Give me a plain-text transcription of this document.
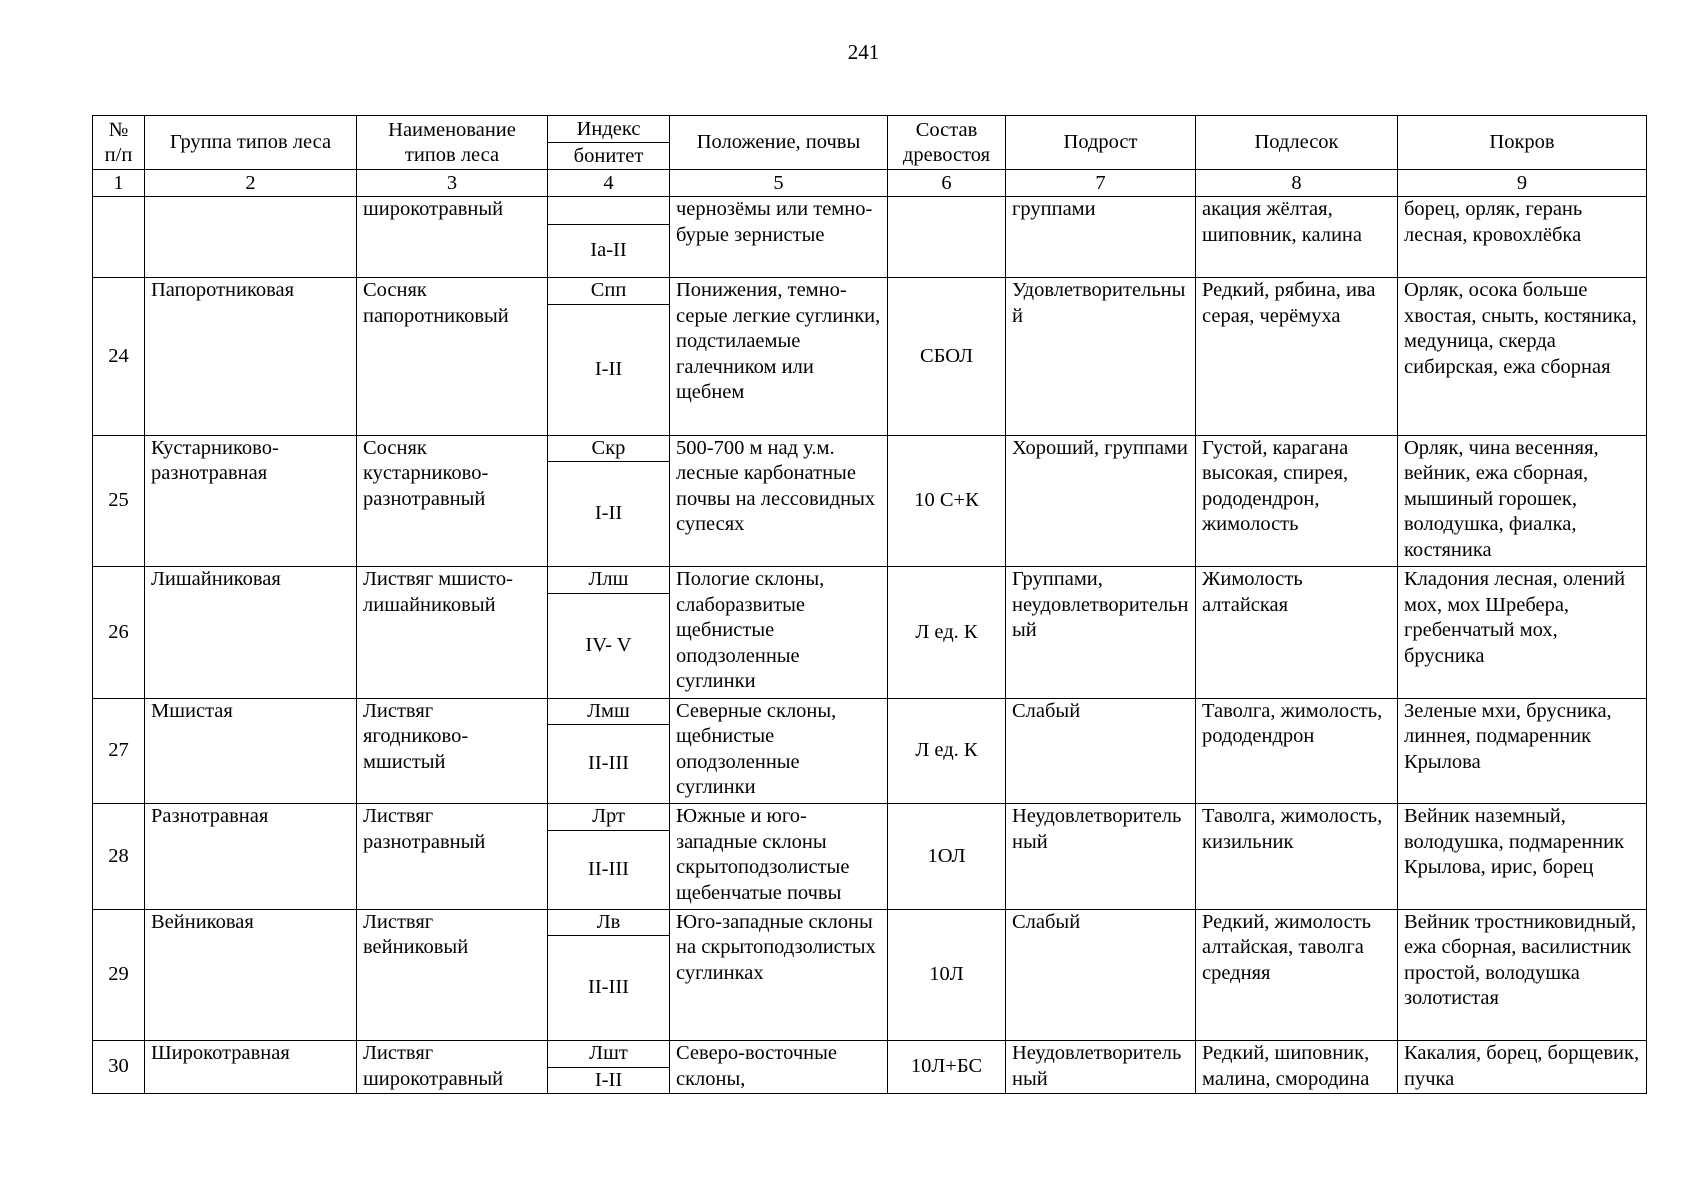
241
№ п/п	Группа типов леса	Наименование типов леса	Индекс	Положение, почвы	Состав древостоя	Подрост	Подлесок	Покров
			бонитет					
1	2	3	4	5	6	7	8	9
		широкотравный		чернозёмы или темно-бурые зернистые		группами	акация жёлтая, шиповник, калина	борец, орляк, герань лесная, кровохлёбка
			Ia-II					
24	Папоротниковая	Сосняк папоротниковый	Спп	Понижения, темно-серые легкие суглинки, подстилаемые галечником или щебнем	СБОЛ	Удовлетворительный	Редкий, рябина, ива серая, черёмуха	Орляк, осока больше хвостая, сныть, костяника, медуница, скерда сибирская, ежа сборная
			I-II					
25	Кустарниково-разнотравная	Сосняк кустарниково-разнотравный	Скр	500-700 м над у.м. лесные карбонатные почвы на лессовидных супесях	10 С+К	Хороший, группами	Густой, карагана высокая, спирея, рододендрон, жимолость	Орляк, чина весенняя, вейник, ежа сборная, мышиный горошек, володушка, фиалка, костяника
			I-II					
26	Лишайниковая	Листвяг мшисто-лишайниковый	Ллш	Пологие склоны, слаборазвитые щебнистые оподзоленные суглинки	Л ед. К	Группами, неудовлетворительный	Жимолость алтайская	Кладония лесная, олений мох, мох Шребера, гребенчатый мох, брусника
			IV- V					
27	Мшистая	Листвяг ягодниково-мшистый	Лмш	Северные склоны, щебнистые оподзоленные суглинки	Л ед. К	Слабый	Таволга, жимолость, рододендрон	Зеленые мхи, брусника, линнея, подмаренник Крылова
			II-III					
28	Разнотравная	Листвяг разнотравный	Лрт	Южные и юго-западные склоны скрытоподзолистые щебенчатые почвы	1ОЛ	Неудовлетворительный	Таволга, жимолость, кизильник	Вейник наземный, володушка, подмаренник Крылова, ирис, борец
			II-III					
29	Вейниковая	Листвяг вейниковый	Лв	Юго-западные склоны на скрытоподзолистых суглинках	10Л	Слабый	Редкий, жимолость алтайская, таволга средняя	Вейник тростниковидный, ежа сборная, василистник простой, володушка золотистая
			II-III					
30	Широкотравная	Листвяг широкотравный	Лшт	Северо-восточные склоны,	10Л+БС	Неудовлетворительный	Редкий, шиповник, малина, смородина	Какалия, борец, борщевик, пучка
			I-II					
